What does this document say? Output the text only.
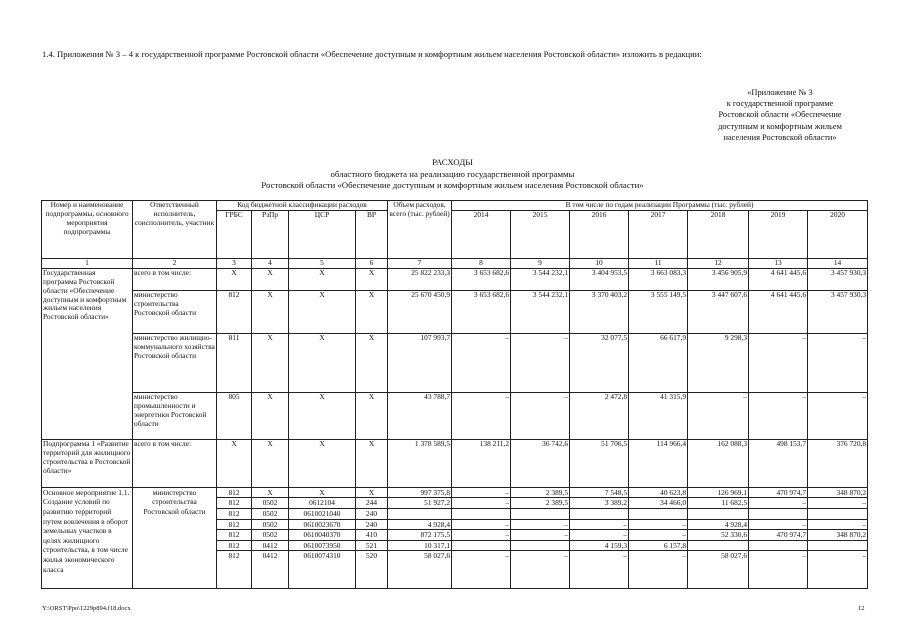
1.4. Приложения № 3 – 4 к государственной программе Ростовской области «Обеспечение доступным и комфортным жильем населения Ростовской области» изложить в редакции:
«Приложение № 3
к государственной программе
Ростовской области «Обеспечение
доступным и комфортным жильем
населения Ростовской области»
РАСХОДЫ
областного бюджета на реализацию государственной программы
Ростовской области «Обеспечение доступным и комфортным жильем населения Ростовской области»
Номер и наименование подпрограммы, основного мероприятия подпрограммы	Ответственный исполнитель, соисполнитель, участник	Код бюджетной классификации расходов				Объем расходов, всего (тыс. рублей)	В том числе по годам реализации Программы (тыс. рублей)						
		ГРБС	РзПр	ЦСР	ВР		2014	2015	2016	2017	2018	2019	2020
1	2	3	4	5	6	7	8	9	10	11	12	13	14
Государственная программа Ростовской области «Обеспечение доступным и комфортным жильем населения Ростовской области»	всего в том числе:	Х	Х	Х	Х	25 822 233,3	3 653 682,6	3 544 232,1	3 404 953,5	3 663 083,3	3 456 905,9	4 641 445,6	3 457 930,3
	министерство строительства Ростовской области	812	Х	Х	Х	25 670 450,9	3 653 682,6	3 544 232,1	3 370 403,2	3 555 149,5	3 447 607,6	4 641 445,6	3 457 930,3
	министерство жилищно-коммунального хозяйства Ростовской области	811	Х	Х	Х	107 993,7	–	–	32 077,5	66 617,9	9 298,3	–	–
	министерство промышленности и энергетики Ростовской области	805	Х	Х	Х	43 788,7	–	–	2 472,8	41 315,9	–	–	–
Подпрограмма 1 «Развитие территорий для жилищного строительства в Ростовской области»	всего в том числе:	Х	Х	Х	Х	1 378 589,5	138 211,2	36 742,6	51 706,5	114 966,4	162 088,3	498 153,7	376 720,8
Основное мероприятие 1.1. Создание условий по развитию территорий путем вовлечения в оборот земельных участков в целях жилищного строительства, в том числе жилья экономического класса	министерство строительства Ростовской области	812	Х	Х	Х	997 375,8	–	2 389,5	7 548,5	40 623,8	126 969,1	470 974,7	348 870,2
		812	0502	0612104	244	51 927,2	–	2 389,5	3 389,2	34 466,0	11 682,5	–	–
		812	0502	0610021040	240								
		812	0502	0610023670	240	4 928,4	–	–	–	–	4 928,4	–	–
		812	0502	0610040370	410	872 175,5	–	–	–	–	52 330,6	470 974,7	348 870,2
		812	0412	0610073950	521	10 317,1			4 159,3	6 157,8			
		812	0412	0610074310	520	58 027,6	–	–	–	–	58 027,6	–	–
Y:\ORST\Ppo\1229p894.f18.docx	12
